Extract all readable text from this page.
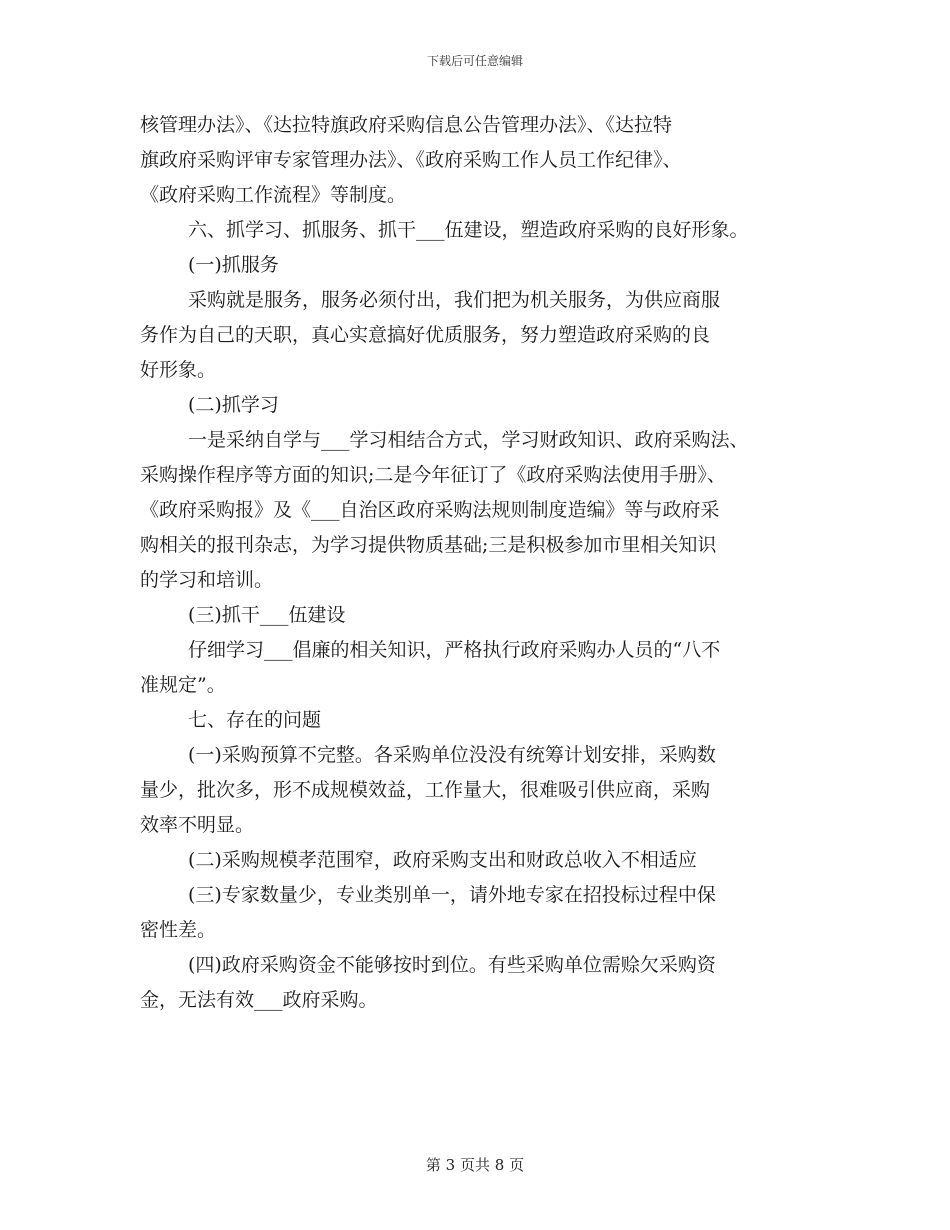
下载后可任意编辑

核管理办法》、《达拉特旗政府采购信息公告管理办法》、《达拉特

旗政府采购评审专家管理办法》、《政府采购工作人员工作纪律》、

《政府采购工作流程》等制度。

六、抓学习、抓服务、抓干___伍建设，塑造政府采购的良好形象。

(一)抓服务

采购就是服务，服务必须付出，我们把为机关服务，为供应商服

务作为自己的天职，真心实意搞好优质服务，努力塑造政府采购的良

好形象。

(二)抓学习

一是采纳自学与___学习相结合方式，学习财政知识、政府采购法、

采购操作程序等方面的知识;二是今年征订了《政府采购法使用手册》、

《政府采购报》及《___自治区政府采购法规则制度造编》等与政府采

购相关的报刊杂志，为学习提供物质基础;三是积极参加市里相关知识

的学习和培训。

(三)抓干___伍建设

仔细学习___倡廉的相关知识，严格执行政府采购办人员的“八不

准规定”。

七、存在的问题

(一)采购预算不完整。各采购单位没没有统筹计划安排，采购数

量少，批次多，形不成规模效益，工作量大，很难吸引供应商，采购

效率不明显。

(二)采购规模孝范围窄，政府采购支出和财政总收入不相适应

(三)专家数量少，专业类别单一，请外地专家在招投标过程中保

密性差。

(四)政府采购资金不能够按时到位。有些采购单位需赊欠采购资

金，无法有效___政府采购。

第 3 页共 8 页
